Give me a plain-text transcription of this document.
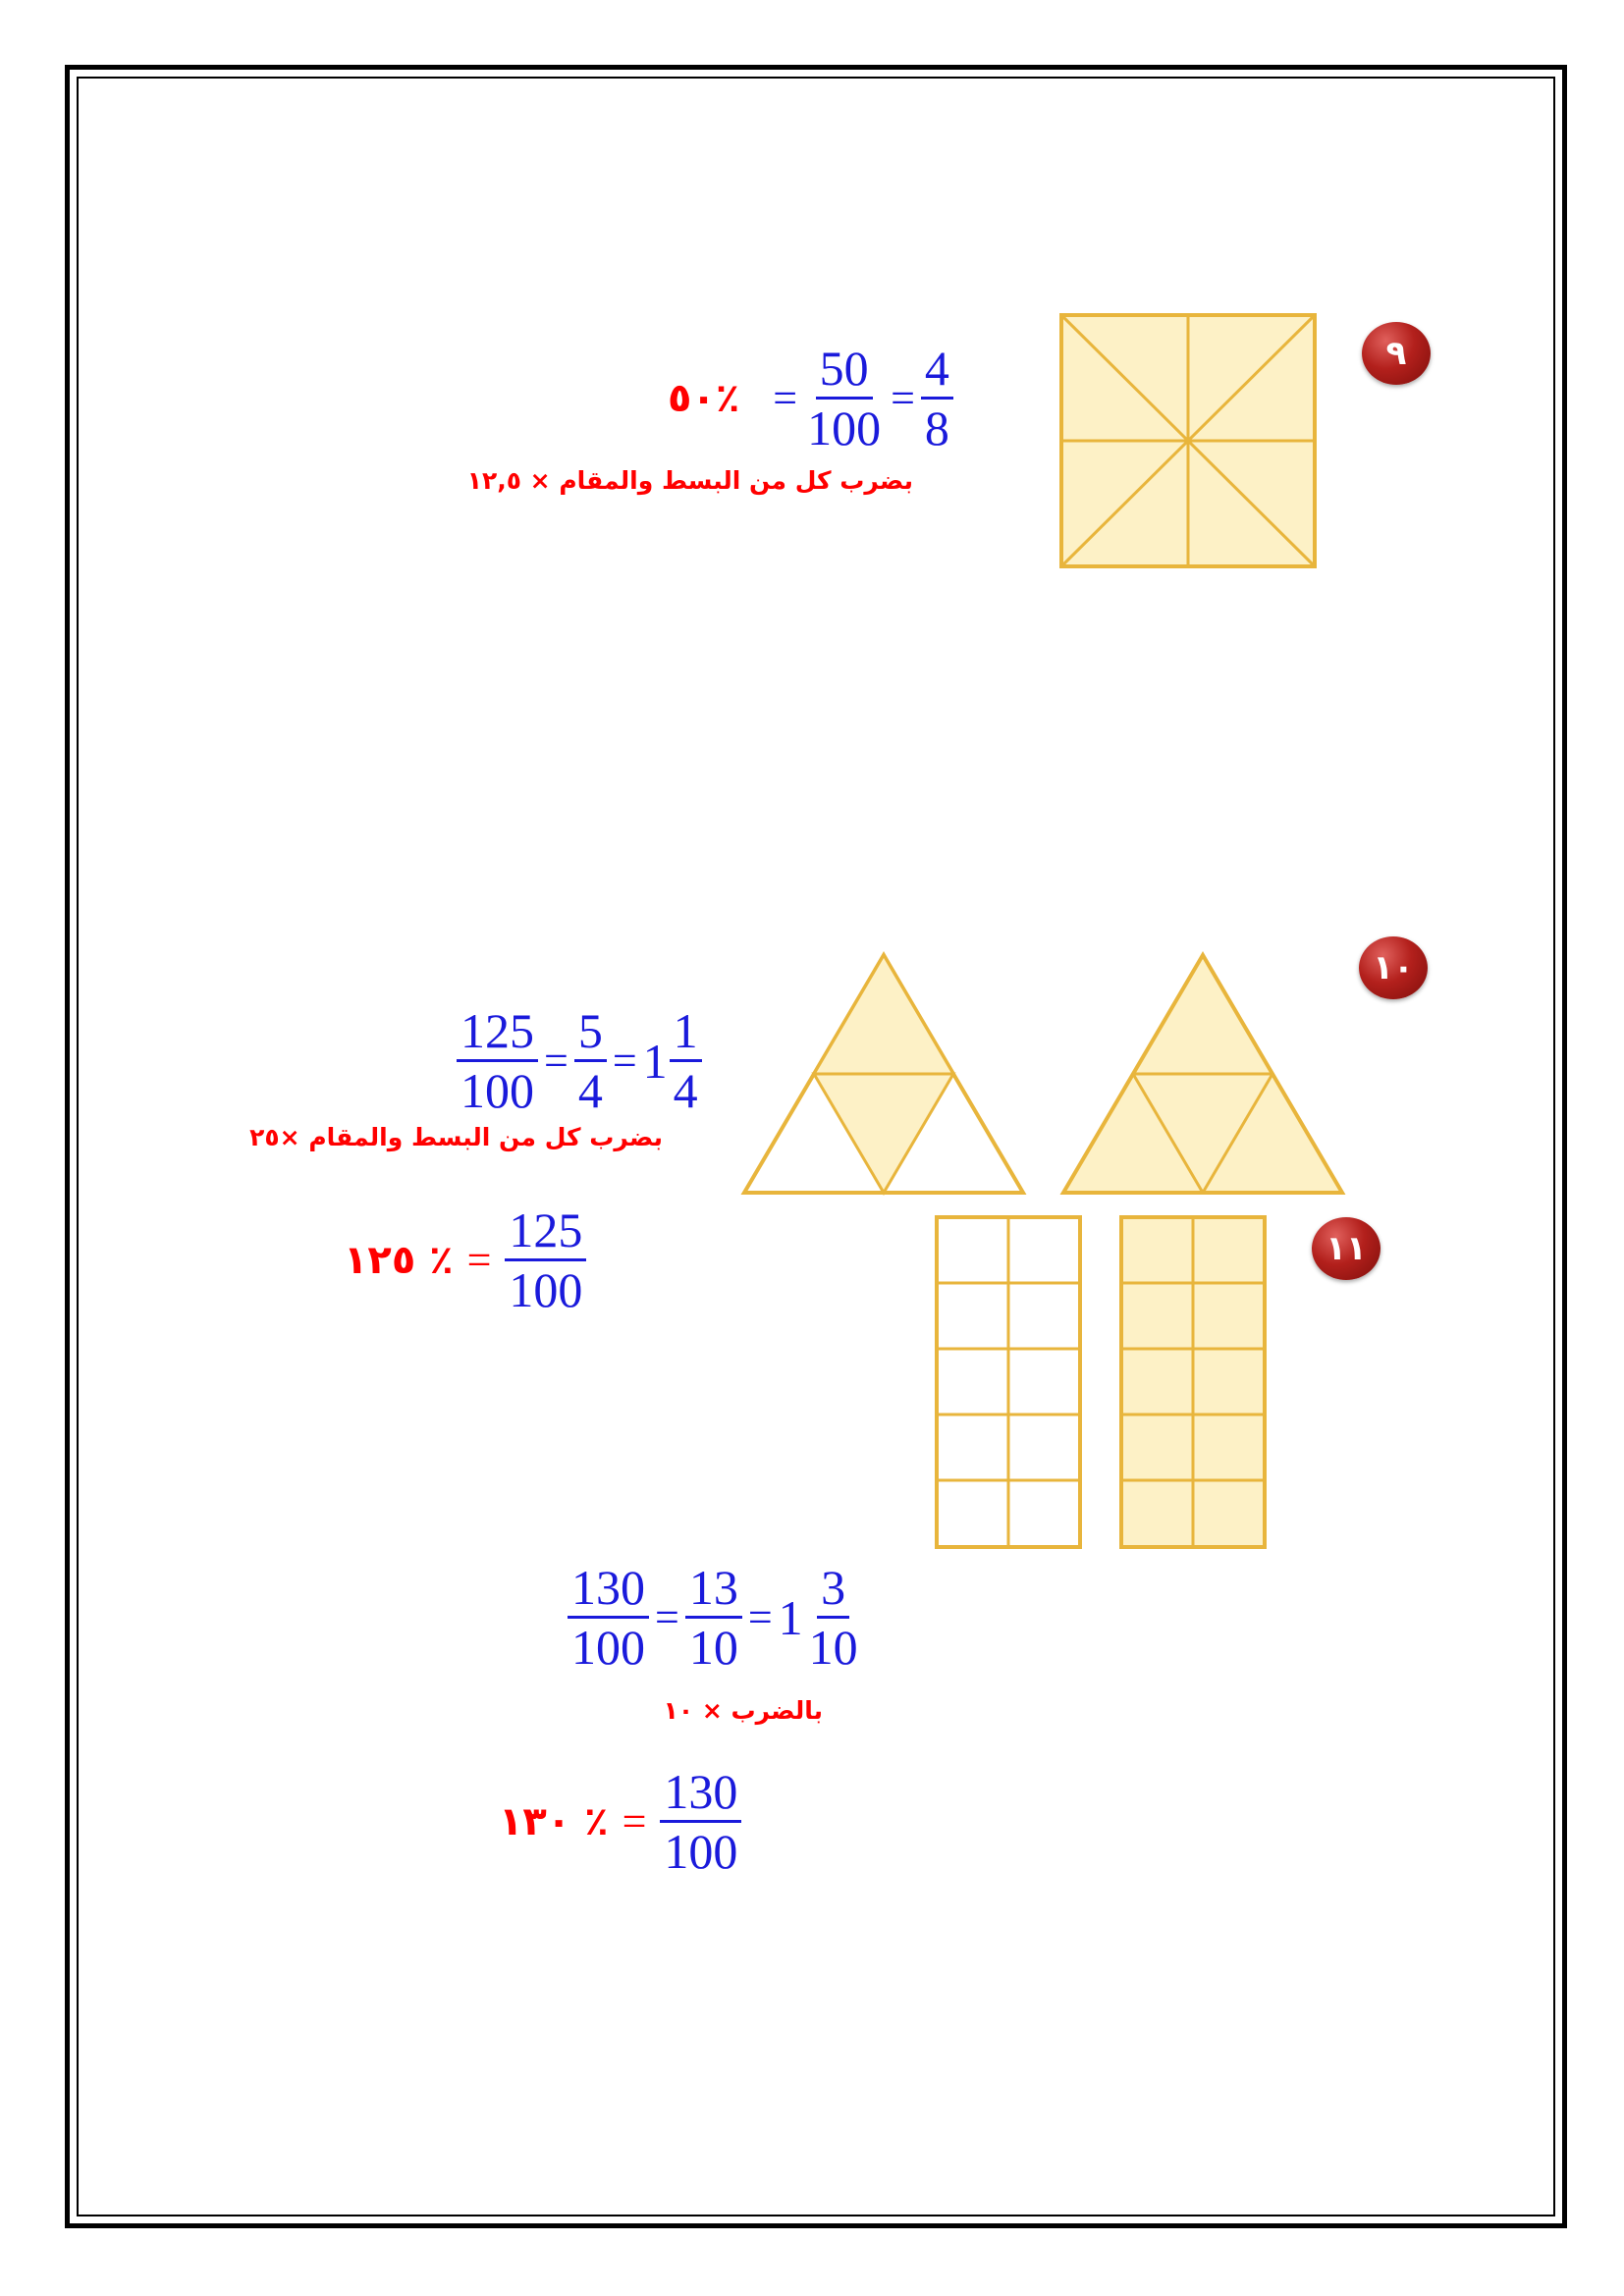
٩
٪٥٠ = $\frac{50}{100} = \frac{4}{8}$
بضرب كل من البسط والمقام × ١٢,٥
١٠
$\frac{125}{100} = \frac{5}{4} = 1 \frac{1}{4}$
بضرب كل من البسط والمقام ×٢٥
٪ ١٢٥ = $\frac{125}{100}$	١١
$\frac{130}{100} = \frac{13}{10} = 1 \frac{3}{10}$
بالضرب × ١٠
٪ ١٣٠ = $\frac{130}{100}$
